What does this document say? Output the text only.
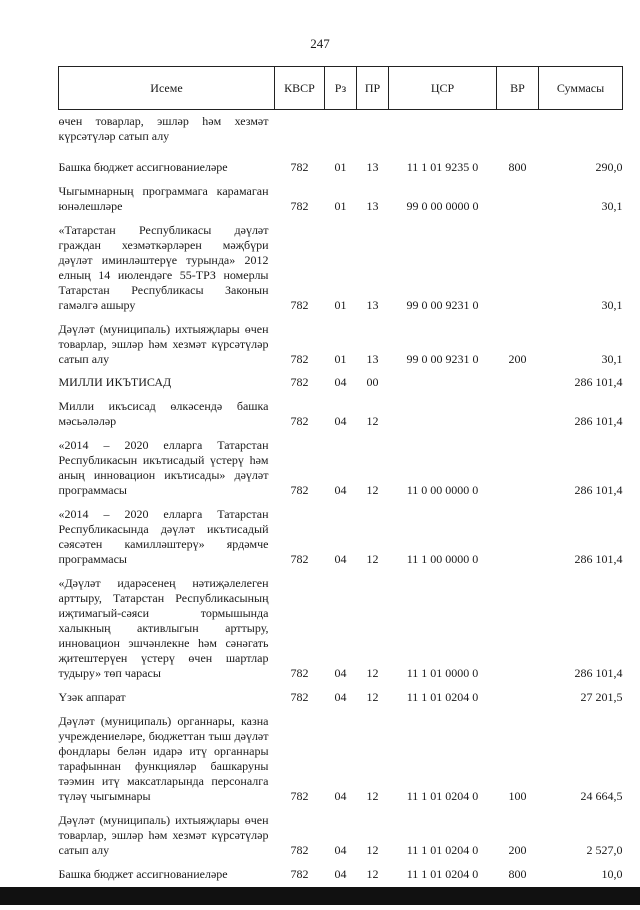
247
Исеме	КВСР	Рз	ПР	ЦСР	ВР	Суммасы
өчен товарлар, эшләр һәм хезмәт күрсәтүләр сатып алу						
Башка бюджет ассигнованиеләре	782	01	13	11 1 01 9235 0	800	290,0
Чыгымнарның программага карамаган юнәлешләре	782	01	13	99 0 00 0000 0		30,1
«Татарстан Республикасы дәүләт граждан хезмәткәрләрен мәҗбүри дәүләт иминләштерүе турында» 2012 елның 14 июлендәге 55-ТРЗ номерлы Татарстан Республикасы Законын гамәлгә ашыру	782	01	13	99 0 00 9231 0		30,1
Дәүләт (муниципаль) ихтыяҗлары өчен товарлар, эшләр һәм хезмәт күрсәтүләр сатып алу	782	01	13	99 0 00 9231 0	200	30,1
МИЛЛИ ИКЪТИСАД	782	04	00			286 101,4
Милли икъсисад өлкәсендә башка мәсьәләләр	782	04	12			286 101,4
«2014 – 2020 елларга Татарстан Республикасын икътисадый үстерү һәм аның инновацион икътисады» дәүләт программасы	782	04	12	11 0 00 0000 0		286 101,4
«2014 – 2020 елларга Татарстан Республикасында дәүләт икътисадый сәясәтен камилләштерү» ярдәмче программасы	782	04	12	11 1 00 0000 0		286 101,4
«Дәүләт идарәсенең нәтиҗәлелеген арттыру, Татарстан Республикасының иҗтимагый-сәяси тормышында халыкның активлыгын арттыру, инновацион эшчәнлекне һәм сәнәгать җитештерүен үстерү өчен шартлар тудыру» төп чарасы	782	04	12	11 1 01 0000 0		286 101,4
Үзәк аппарат	782	04	12	11 1 01 0204 0		27 201,5
Дәүләт (муниципаль) органнары, казна учреждениеләре, бюджеттан тыш дәүләт фондлары белән идарә итү органнары тарафыннан функцияләр башкаруны тәэмин итү максатларында персоналга түләү чыгымнары	782	04	12	11 1 01 0204 0	100	24 664,5
Дәүләт (муниципаль) ихтыяҗлары өчен товарлар, эшләр һәм хезмәт күрсәтүләр сатып алу	782	04	12	11 1 01 0204 0	200	2 527,0
Башка бюджет ассигнованиеләре	782	04	12	11 1 01 0204 0	800	10,0
